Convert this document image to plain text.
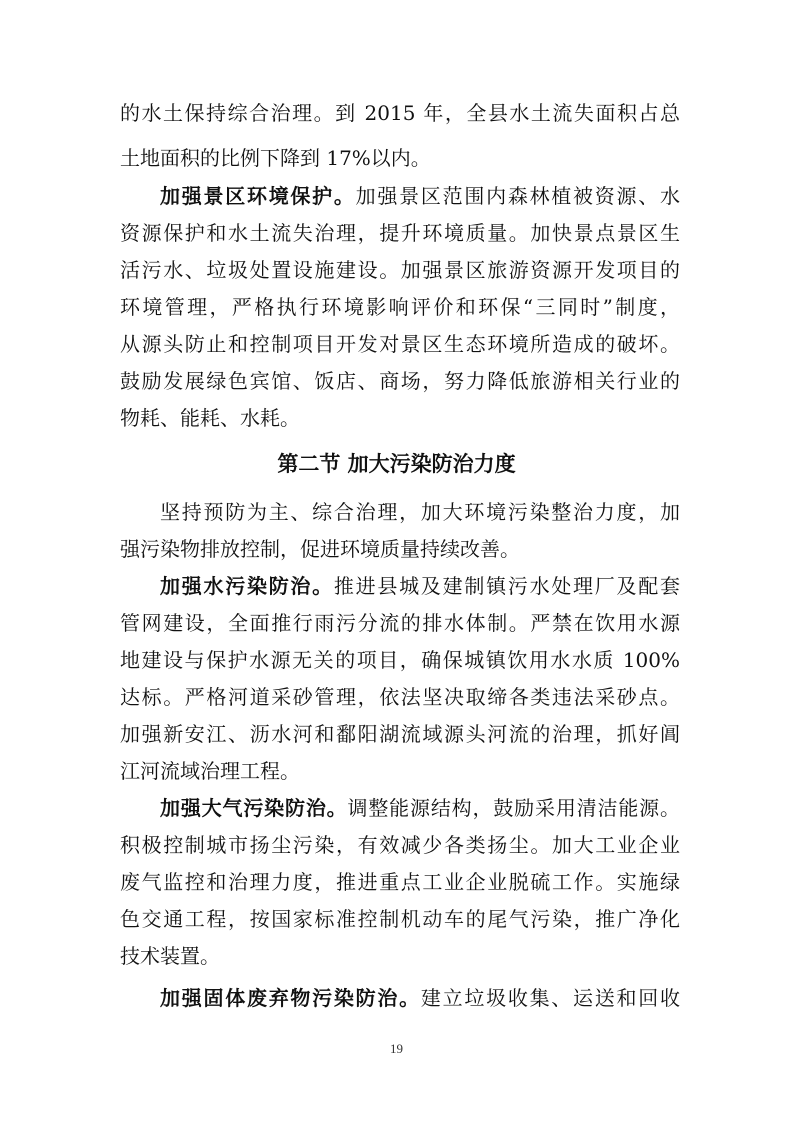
的水土保持综合治理。到 2015 年，全县水土流失面积占总
土地面积的比例下降到 17%以内。
加强景区环境保护。加强景区范围内森林植被资源、水
资源保护和水土流失治理，提升环境质量。加快景点景区生
活污水、垃圾处置设施建设。加强景区旅游资源开发项目的
环境管理，严格执行环境影响评价和环保“三同时”制度，
从源头防止和控制项目开发对景区生态环境所造成的破坏。
鼓励发展绿色宾馆、饭店、商场，努力降低旅游相关行业的
物耗、能耗、水耗。
第二节 加大污染防治力度
坚持预防为主、综合治理，加大环境污染整治力度，加
强污染物排放控制，促进环境质量持续改善。
加强水污染防治。推进县城及建制镇污水处理厂及配套
管网建设，全面推行雨污分流的排水体制。严禁在饮用水源
地建设与保护水源无关的项目，确保城镇饮用水水质 100%
达标。严格河道采砂管理，依法坚决取缔各类违法采砂点。
加强新安江、沥水河和鄱阳湖流域源头河流的治理，抓好阊
江河流域治理工程。
加强大气污染防治。调整能源结构，鼓励采用清洁能源。
积极控制城市扬尘污染，有效减少各类扬尘。加大工业企业
废气监控和治理力度，推进重点工业企业脱硫工作。实施绿
色交通工程，按国家标准控制机动车的尾气污染，推广净化
技术装置。
加强固体废弃物污染防治。建立垃圾收集、运送和回收
19
